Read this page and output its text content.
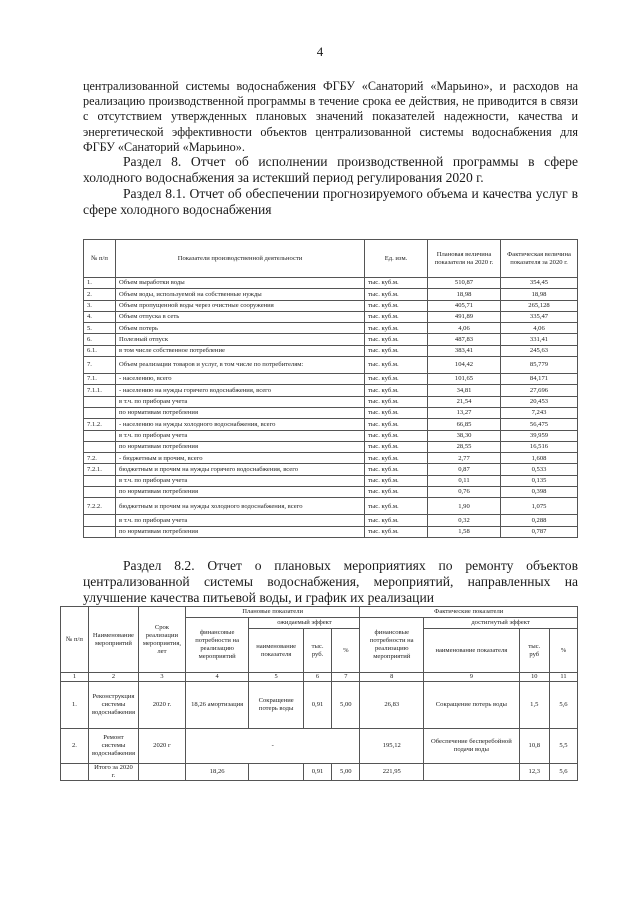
4
централизованной системы водоснабжения ФГБУ «Санаторий «Марьино», и расходов на реализацию производственной программы в течение срока ее действия, не приводится в связи с отсутствием утвержденных плановых значений показателей надежности, качества и энергетической эффективности объектов централизованной системы водоснабжения для ФГБУ «Санаторий «Марьино».
Раздел 8. Отчет об исполнении производственной программы в сфере холодного водоснабжения за истекший период регулирования 2020 г.
Раздел 8.1. Отчет об обеспечении прогнозируемого объема и качества услуг в сфере холодного водоснабжения
№ п/п	Показатели производственной деятельности	Ед. изм.	Плановая величина показателя на 2020 г.	Фактическая величина показателя за 2020 г.
1.	Объем выработки воды	тыс. куб.м.	510,87	354,45
2.	Объем воды, используемой на собственные нужды	тыс. куб.м.	18,98	18,98
3.	Объем пропущенной воды через очистные сооружения	тыс. куб.м.	405,71	265,128
4.	Объем отпуска в сеть	тыс. куб.м.	491,89	335,47
5.	Объем потерь	тыс. куб.м.	4,06	4,06
6.	Полезный отпуск	тыс. куб.м.	487,83	331,41
6.1.	в том числе собственное потребление	тыс. куб.м.	383,41	245,63
7.	Объем реализации товаров и услуг, в том числе по потребителям:	тыс. куб.м.	104,42	85,779
7.1.	- населению, всего	тыс. куб.м.	101,65	84,171
7.1.1.	- населению на нужды горячего водоснабжения, всего	тыс. куб.м.	34,81	27,696
	в т.ч. по приборам учета	тыс. куб.м.	21,54	20,453
	по нормативам потребления	тыс. куб.м.	13,27	7,243
7.1.2.	- населению на нужды холодного водоснабжения, всего	тыс. куб.м.	66,85	56,475
	в т.ч. по приборам учета	тыс. куб.м.	38,30	39,959
	по нормативам потребления	тыс. куб.м.	28,55	16,516
7.2.	- бюджетным и прочим, всего	тыс. куб.м.	2,77	1,608
7.2.1.	бюджетным и прочим на нужды горячего водоснабжения, всего	тыс. куб.м.	0,87	0,533
	в т.ч. по приборам учета	тыс. куб.м.	0,11	0,135
	по нормативам потребления	тыс. куб.м.	0,76	0,398
7.2.2.	бюджетным и прочим на нужды холодного водоснабжения, всего	тыс. куб.м.	1,90	1,075
	в т.ч. по приборам учета	тыс. куб.м.	0,32	0,288
	по нормативам потребления	тыс. куб.м.	1,58	0,787
Раздел 8.2. Отчет о плановых мероприятиях по ремонту объектов централизованной системы водоснабжения, мероприятий, направленных на улучшение качества питьевой воды, и график их реализации
№ п/п	Наименование мероприятий	Срок реализации мероприятия, лет	Плановые показатели				Фактические показатели			
			финансовые потребности на реализацию мероприятий	ожидаемый эффект			финансовые потребности на реализацию мероприятий	достигнутый эффект		
				наименование показателя	тыс. руб.	%		наименование показателя	тыс. руб	%
1	2	3	4	5	6	7	8	9	10	11
1.	Реконструкция системы водоснабжения	2020 г.	18,26 амортизация	Сокращение потерь воды	0,91	5,00	26,83	Сокращение потерь воды	1,5	5,6
2.	Ремонт системы водоснабжения	2020 г	-				195,12	Обеспечение бесперебойной подачи воды	10,8	5,5
	Итого за 2020 г.		18,26		0,91	5,00	221,95		12,3	5,6
